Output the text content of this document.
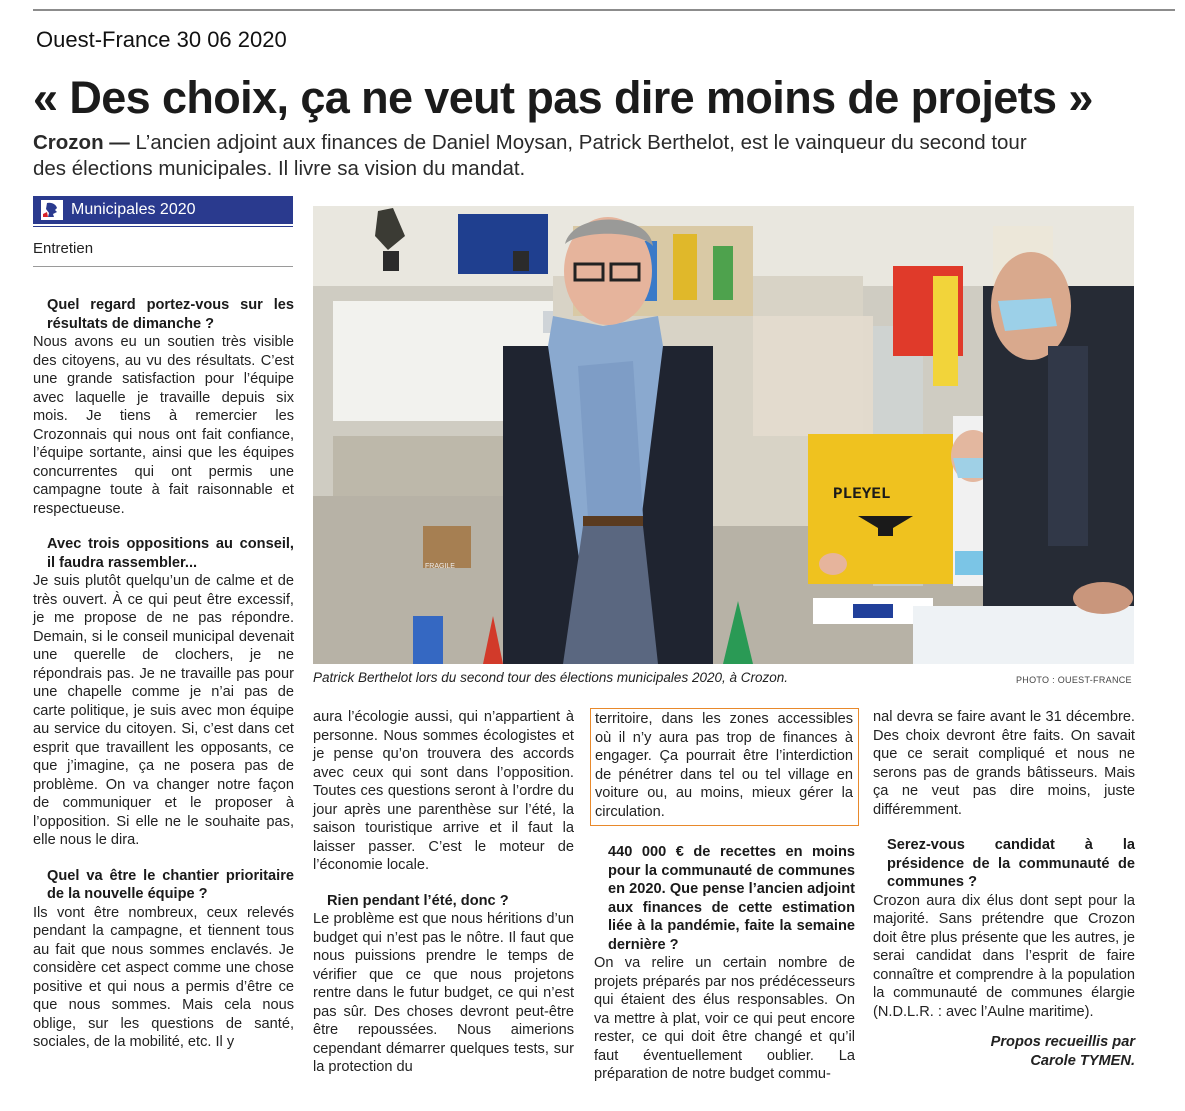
Ouest-France 30 06 2020
« Des choix, ça ne veut pas dire moins de projets »
Crozon — L’ancien adjoint aux finances de Daniel Moysan, Patrick Berthelot, est le vainqueur du second tour des élections municipales. Il livre sa vision du mandat.
Municipales 2020
Entretien
FRAGILE
PLEYEL
Patrick Berthelot lors du second tour des élections municipales 2020, à Crozon.	PHOTO : OUEST-FRANCE

Quel regard portez-vous sur les résultats de dimanche ?

Nous avons eu un soutien très visible des citoyens, au vu des résultats. C’est une grande satisfaction pour l’équipe avec laquelle je travaille depuis six mois. Je tiens à remercier les Crozonnais qui nous ont fait confiance, l’équipe sortante, ainsi que les équipes concurrentes qui ont permis une campagne toute à fait raisonnable et respectueuse.

Avec trois oppositions au conseil, il faudra rassembler...

Je suis plutôt quelqu’un de calme et de très ouvert. À ce qui peut être excessif, je me propose de ne pas répondre. Demain, si le conseil municipal devenait une querelle de clochers, je ne répondrais pas. Je ne travaille pas pour une chapelle comme je n’ai pas de carte politique, je suis avec mon équipe au service du citoyen. Si, c’est dans cet esprit que travaillent les opposants, ce que j’imagine, ça ne posera pas de problème. On va changer notre façon de communiquer et le proposer à l’opposition. Si elle ne le souhaite pas, elle nous le dira.

Quel va être le chantier prioritaire de la nouvelle équipe ?

Ils vont être nombreux, ceux relevés pendant la campagne, et tiennent tous au fait que nous sommes enclavés. Je considère cet aspect comme une chose positive et qui nous a permis d’être ce que nous sommes. Mais cela nous oblige, sur les questions de santé, sociales, de la mobilité, etc. Il y

aura l’écologie aussi, qui n’appartient à personne. Nous sommes écologistes et je pense qu’on trouvera des accords avec ceux qui sont dans l’opposition. Toutes ces questions seront à l’ordre du jour après une parenthèse sur l’été, la saison touristique arrive et il faut la laisser passer. C’est le moteur de l’économie locale.

Rien pendant l’été, donc ?

Le problème est que nous héritions d’un budget qui n’est pas le nôtre. Il faut que nous puissions prendre le temps de vérifier que ce que nous projetons rentre dans le futur budget, ce qui n’est pas sûr. Des choses devront peut-être être repoussées. Nous aimerions cependant démarrer quelques tests, sur la protection du

territoire, dans les zones accessibles où il n’y aura pas trop de finances à engager. Ça pourrait être l’interdiction de pénétrer dans tel ou tel village en voiture ou, au moins, mieux gérer la circulation.

440 000 € de recettes en moins pour la communauté de communes en 2020. Que pense l’ancien adjoint aux finances de cette estimation liée à la pandémie, faite la semaine dernière ?

On va relire un certain nombre de projets préparés par nos prédécesseurs qui étaient des élus responsables. On va mettre à plat, voir ce qui peut encore rester, ce qui doit être changé et qu’il faut éventuellement oublier. La préparation de notre budget commu-

nal devra se faire avant le 31 décembre. Des choix devront être faits. On savait que ce serait compliqué et nous ne serons pas de grands bâtisseurs. Mais ça ne veut pas dire moins, juste différemment.

Serez-vous candidat à la présidence de la communauté de communes ?

Crozon aura dix élus dont sept pour la majorité. Sans prétendre que Crozon doit être plus présente que les autres, je serai candidat dans l’esprit de faire connaître et comprendre à la population la communauté de communes élargie (N.D.L.R. : avec l’Aulne maritime).

Propos recueillis par
Carole TYMEN.
